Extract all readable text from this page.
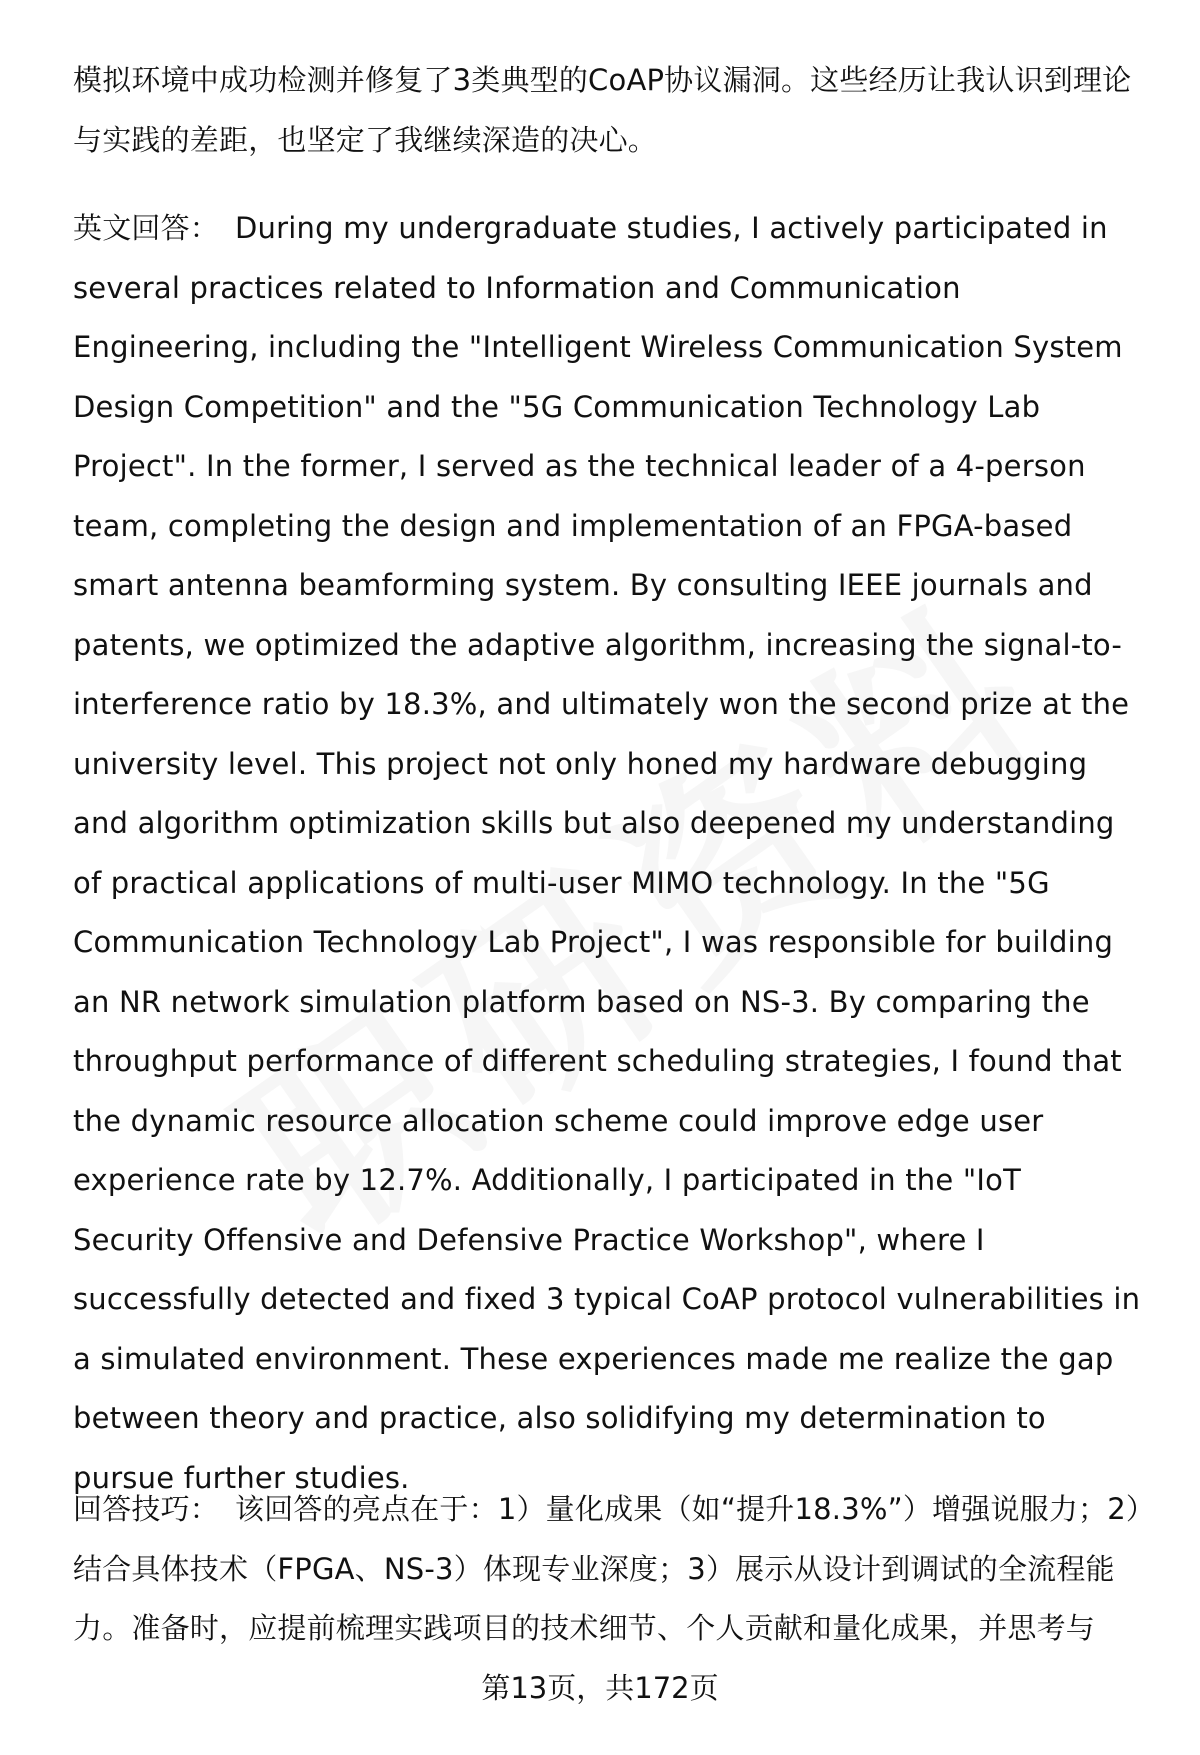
模拟环境中成功检测并修复了3类典型的CoAP协议漏洞。这些经历让我认识到理论与实践的差距，也坚定了我继续深造的决心。
英文回答： During my undergraduate studies, I actively participated in several practices related to Information and Communication Engineering, including the "Intelligent Wireless Communication System Design Competition" and the "5G Communication Technology Lab Project". In the former, I served as the technical leader of a 4-person team, completing the design and implementation of an FPGA-based smart antenna beamforming system. By consulting IEEE journals and patents, we optimized the adaptive algorithm, increasing the signal-to-interference ratio by 18.3%, and ultimately won the second prize at the university level. This project not only honed my hardware debugging and algorithm optimization skills but also deepened my understanding of practical applications of multi-user MIMO technology. In the "5G Communication Technology Lab Project", I was responsible for building an NR network simulation platform based on NS-3. By comparing the throughput performance of different scheduling strategies, I found that the dynamic resource allocation scheme could improve edge user experience rate by 12.7%. Additionally, I participated in the "IoT Security Offensive and Defensive Practice Workshop", where I successfully detected and fixed 3 typical CoAP protocol vulnerabilities in a simulated environment. These experiences made me realize the gap between theory and practice, also solidifying my determination to pursue further studies.
回答技巧： 该回答的亮点在于：1）量化成果（如“提升18.3%”）增强说服力；2）结合具体技术（FPGA、NS-3）体现专业深度；3）展示从设计到调试的全流程能力。准备时，应提前梳理实践项目的技术细节、个人贡献和量化成果，并思考与
第13页，共172页
